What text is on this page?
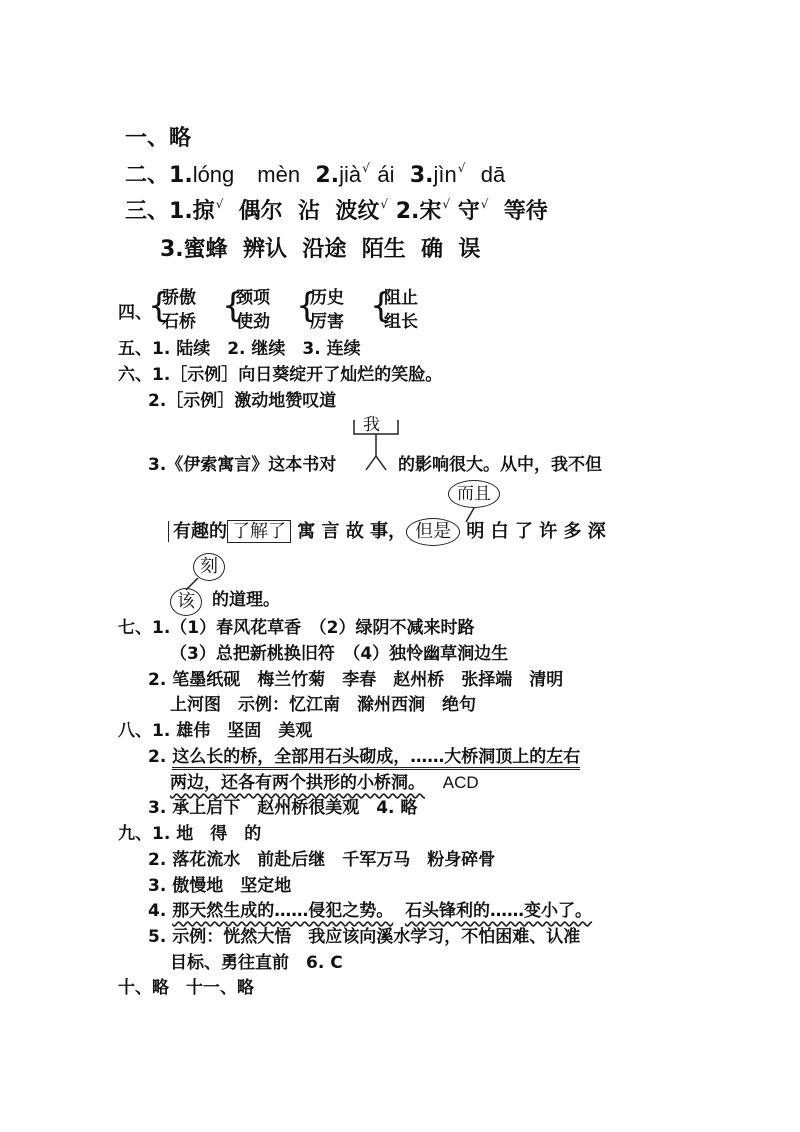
一、略
二、1.lóng mèn 2.jià√ ái 3.jìn√ dā
三、1.掠√ 偶尔 沾 波纹√ 2.宋√ 守√ 等待
3.蜜蜂 辨认 沿途 陌生 确 误
四、
{
骄傲
石桥 {
颈项
使劲 {
历史
厉害 {
阻止
组长
五、1. 陆续　2. 继续　3. 连续
六、1.［示例］向日葵绽开了灿烂的笑脸。
2.［示例］激动地赞叹道
我
3.《伊索寓言》这本书对	的影响很大。从中，我不但
而且
有趣的 了解了 寓 言 故 事， 但是 明 白 了 许 多 深
刻
该	的道理。
七、1.（1）春风花草香　（2）绿阴不减来时路
（3）总把新桃换旧符　（4）独怜幽草涧边生
2. 笔墨纸砚　梅兰竹菊　李春　赵州桥　张择端　清明
上河图　示例：忆江南　滁州西涧　绝句
八、1. 雄伟　坚固　美观
2. 这么长的桥，全部用石头砌成，……大桥洞顶上的左右
两边，还各有两个拱形的小桥洞。 ACD
3. 承上启下　赵州桥很美观　4. 略
九、1. 地　得　的
2. 落花流水　前赴后继　千军万马　粉身碎骨
3. 傲慢地　坚定地
4. 那天然生成的……侵犯之势。 石头锋利的……变小了。
5. 示例：恍然大悟　我应该向溪水学习，不怕困难、认准
目标、勇往直前　6. C
十、略　十一、略
